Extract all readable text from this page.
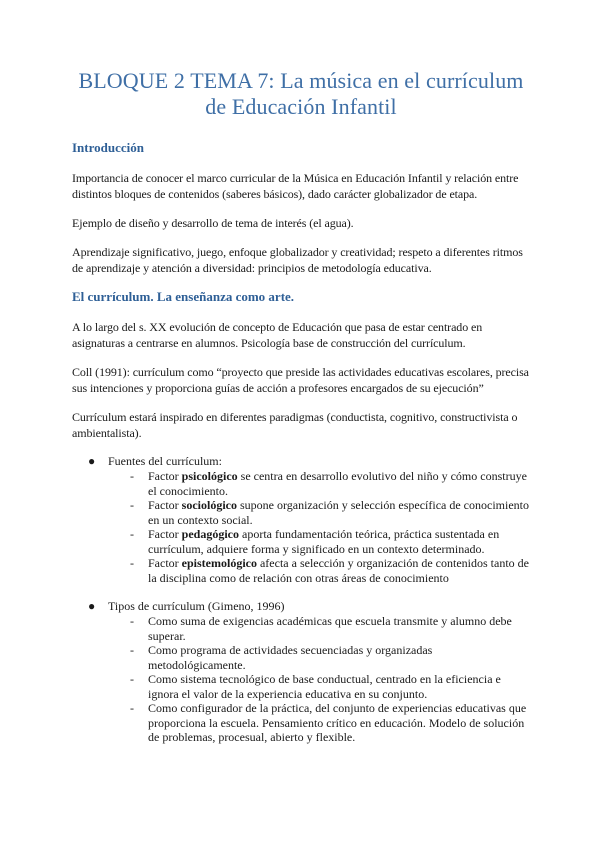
BLOQUE 2 TEMA 7: La música en el currículum
de Educación Infantil
Introducción

Importancia de conocer el marco curricular de la Música en Educación Infantil y relación entre distintos bloques de contenidos (saberes básicos), dado carácter globalizador de etapa.

Ejemplo de diseño y desarrollo de tema de interés (el agua).

Aprendizaje significativo, juego, enfoque globalizador y creatividad; respeto a diferentes ritmos de aprendizaje y atención a diversidad: principios de metodología educativa.

El currículum. La enseñanza como arte.

A lo largo del s. XX evolución de concepto de Educación que pasa de estar centrado en asignaturas a centrarse en alumnos. Psicología base de construcción del currículum.

Coll (1991): currículum como “proyecto que preside las actividades educativas escolares, precisa sus intenciones y proporciona guías de acción a profesores encargados de su ejecución”

Currículum estará inspirado en diferentes paradigmas (conductista, cognitivo, constructivista o ambientalista).

● Fuentes del currículum:
- Factor psicológico se centra en desarrollo evolutivo del niño y cómo construye el conocimiento.
- Factor sociológico supone organización y selección específica de conocimiento en un contexto social.
- Factor pedagógico aporta fundamentación teórica, práctica sustentada en currículum, adquiere forma y significado en un contexto determinado.
- Factor epistemológico afecta a selección y organización de contenidos tanto de la disciplina como de relación con otras áreas de conocimiento
● Tipos de currículum (Gimeno, 1996)
- Como suma de exigencias académicas que escuela transmite y alumno debe superar.
- Como programa de actividades secuenciadas y organizadas metodológicamente.
- Como sistema tecnológico de base conductual, centrado en la eficiencia e ignora el valor de la experiencia educativa en su conjunto.
- Como configurador de la práctica, del conjunto de experiencias educativas que proporciona la escuela. Pensamiento crítico en educación. Modelo de solución de problemas, procesual, abierto y flexible.
